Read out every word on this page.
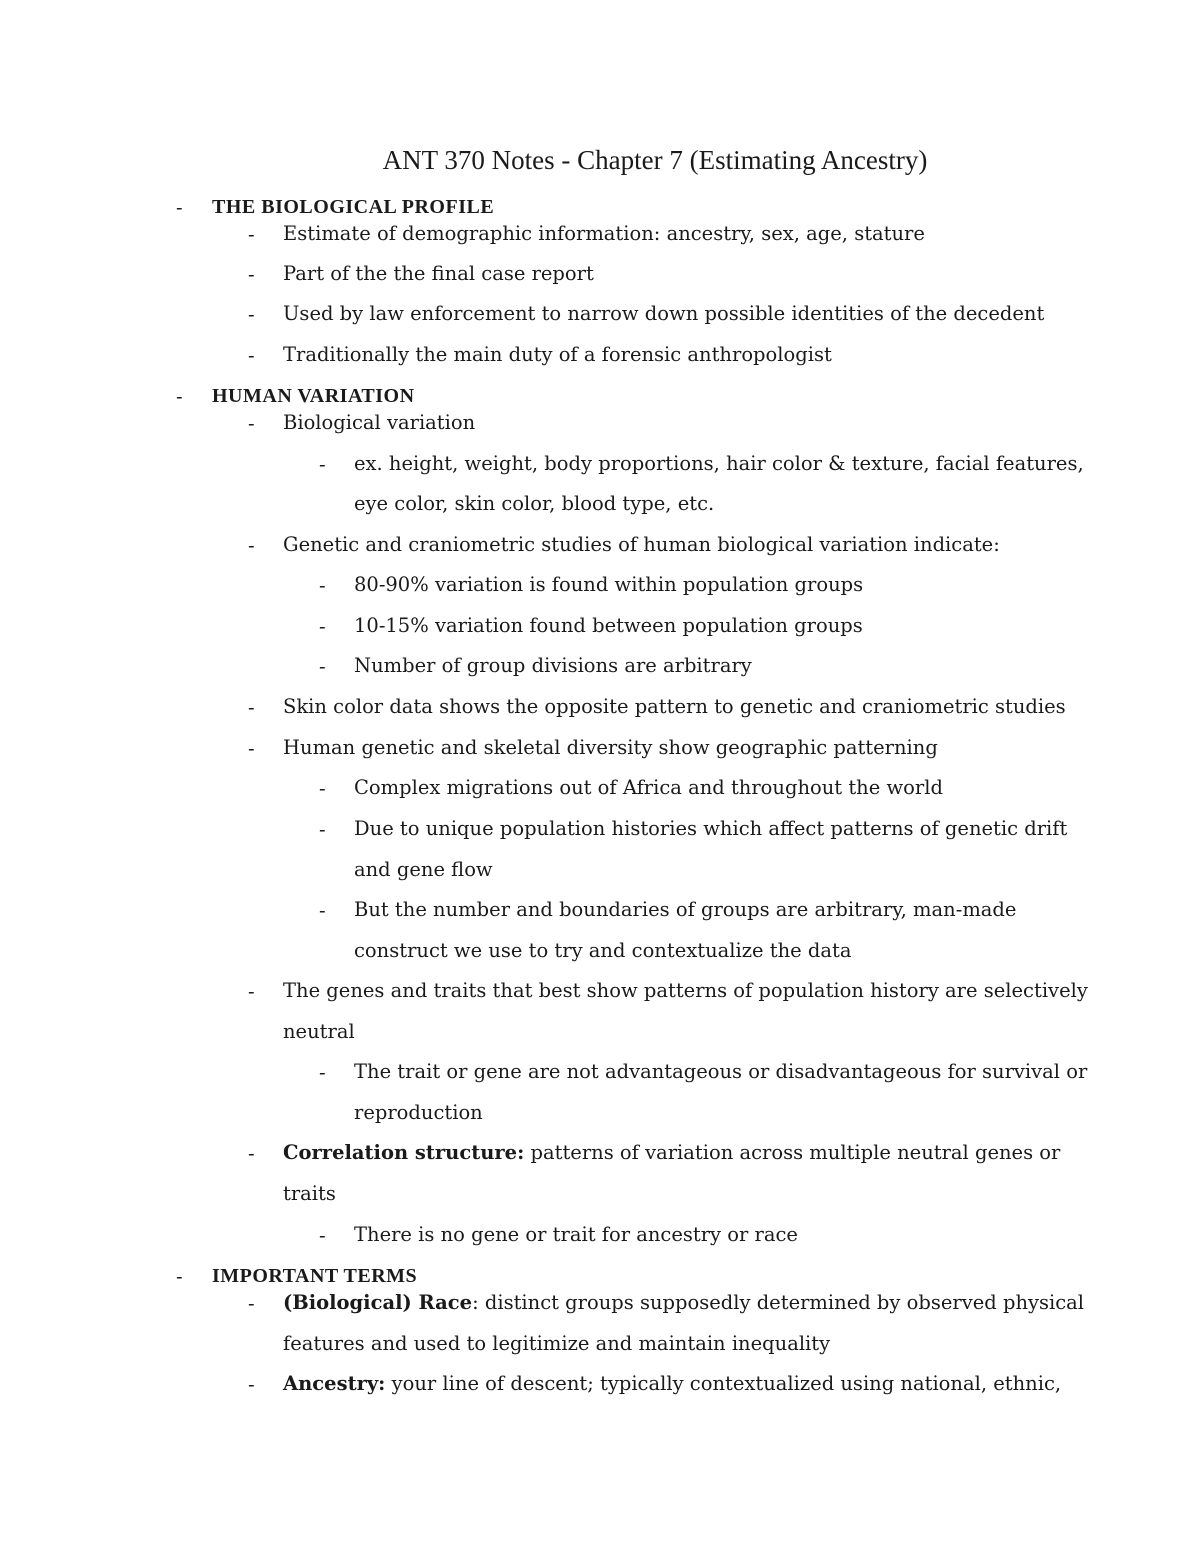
ANT 370 Notes - Chapter 7 (Estimating Ancestry)
- THE BIOLOGICAL PROFILE
- Estimate of demographic information: ancestry, sex, age, stature
- Part of the the final case report
- Used by law enforcement to narrow down possible identities of the decedent
- Traditionally the main duty of a forensic anthropologist
- HUMAN VARIATION
- Biological variation
- ex. height, weight, body proportions, hair color & texture, facial features,
eye color, skin color, blood type, etc.
- Genetic and craniometric studies of human biological variation indicate:
- 80-90% variation is found within population groups
- 10-15% variation found between population groups
- Number of group divisions are arbitrary
- Skin color data shows the opposite pattern to genetic and craniometric studies
- Human genetic and skeletal diversity show geographic patterning
- Complex migrations out of Africa and throughout the world
- Due to unique population histories which affect patterns of genetic drift
and gene flow
- But the number and boundaries of groups are arbitrary, man-made
construct we use to try and contextualize the data
- The genes and traits that best show patterns of population history are selectively
neutral
- The trait or gene are not advantageous or disadvantageous for survival or
reproduction
- Correlation structure: patterns of variation across multiple neutral genes or
traits
- There is no gene or trait for ancestry or race
- IMPORTANT TERMS
- (Biological) Race: distinct groups supposedly determined by observed physical
features and used to legitimize and maintain inequality
- Ancestry: your line of descent; typically contextualized using national, ethnic,
